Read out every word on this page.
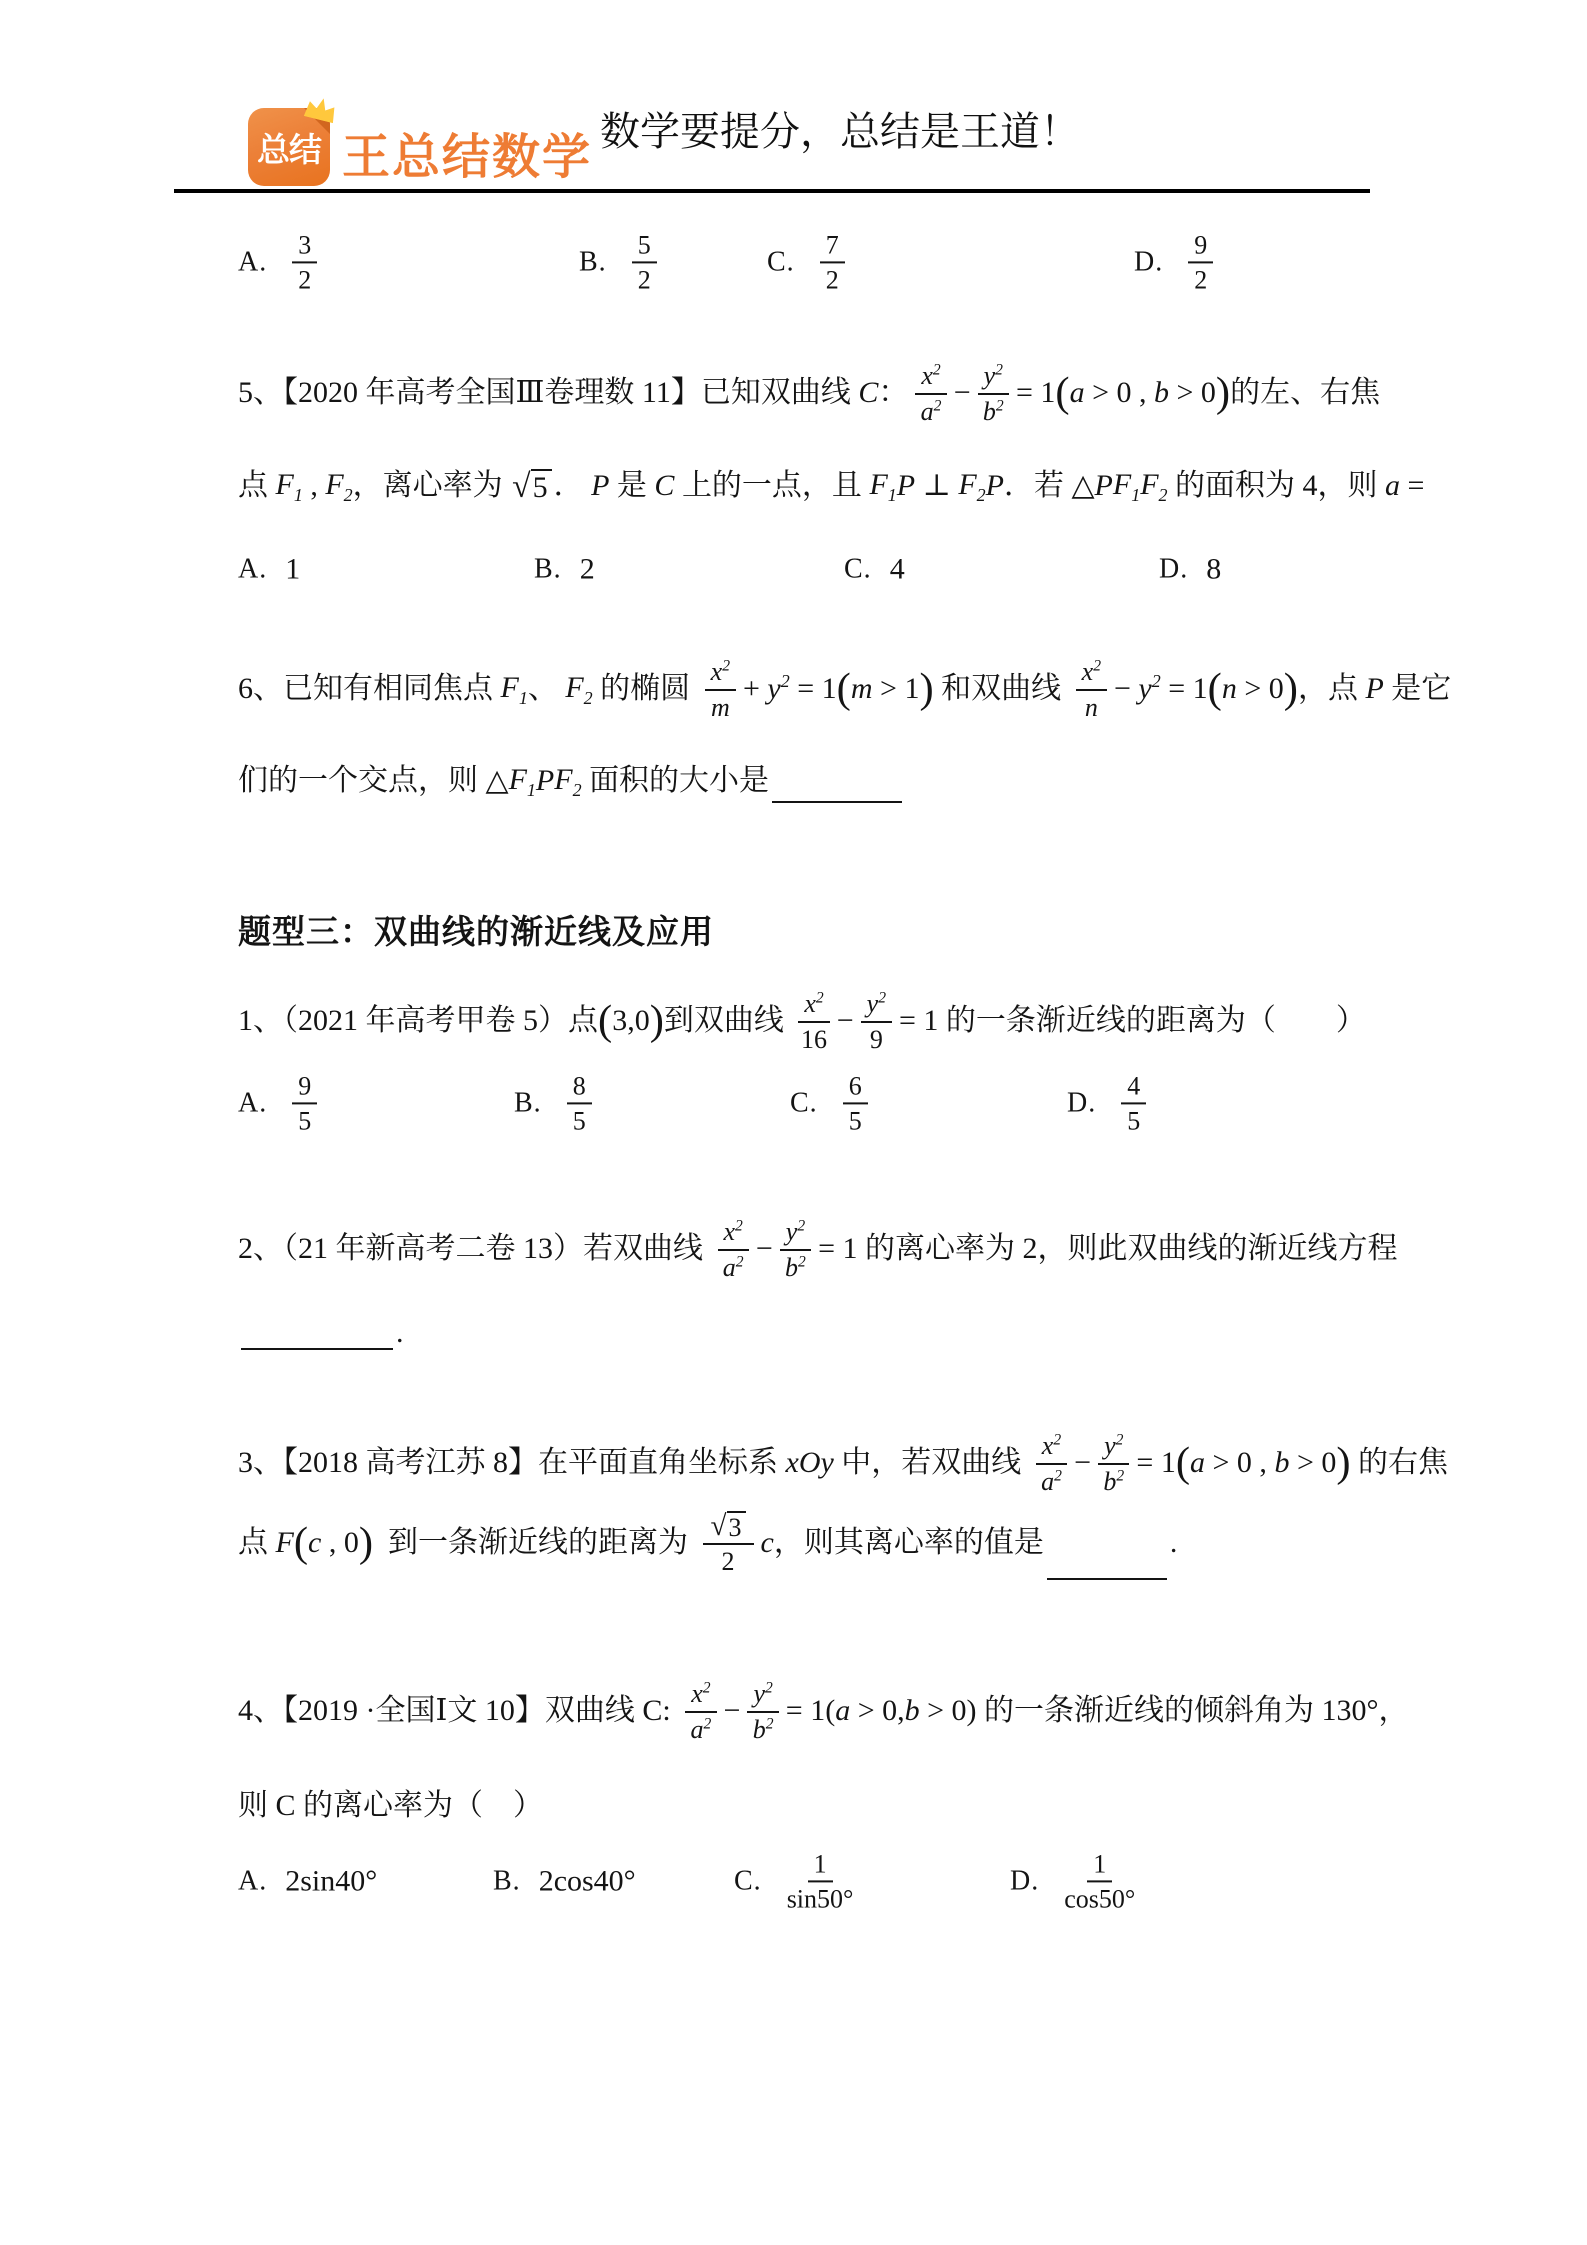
总结 王总结数学 数学要提分，总结是王道！
A. $\frac{3}{2}$	B. $\frac{5}{2}$	C. $\frac{7}{2}$	D. $\frac{9}{2}$
5、【2020 年高考全国Ⅲ卷理数 11】已知双曲线 C ： $\frac{x^2}{a^2} - \frac{y^2}{b^2} = 1$ ( a > 0 , b > 0 ) 的左、右焦
点 $F_1$ , $F_2$ ，离心率为 √ 5 ． P 是 C 上的一点，且 $F_1$ P ⊥ $F_2$ P ．若 △ P $F_1$ $F_2$ 的面积为 4，则 a =
A. 1	B. 2	C. 4	D. 8
6、已知有相同焦点 $F_1$ 、 $F_2$ 的椭圆 $\frac{x^2}{m} + y^2 = 1$ ( m > 1 ) 和双曲线 $\frac{x^2}{n} - y^2 = 1$ ( n > 0 ) ，点 P 是它
们的一个交点，则 △ $F_1$ P $F_2$ 面积的大小是
题型三：双曲线的渐近线及应用
1、（2021 年高考甲卷 5）点 ( 3,0 ) 到双曲线 $\frac{x^2}{16} - \frac{y^2}{9} = 1$ 的一条渐近线的距离为（　　）
A. $\frac{9}{5}$	B. $\frac{8}{5}$	C. $\frac{6}{5}$	D. $\frac{4}{5}$
2、（21 年新高考二卷 13）若双曲线 $\frac{x^2}{a^2} - \frac{y^2}{b^2} = 1$ 的离心率为 2，则此双曲线的渐近线方程
.
3、【2018 高考江苏 8】在平面直角坐标系 xOy 中，若双曲线 $\frac{x^2}{a^2} - \frac{y^2}{b^2} = 1$ ( a > 0 , b > 0 ) 的右焦
点 F ( c , 0 ) 到一条渐近线的距离为 $\frac{√ 3}{2}$ c ，则其离心率的值是	.
4、【2019 ·全国Ⅰ文 10】双曲线 C: $\frac{x^2}{a^2} - \frac{y^2}{b^2} = 1$( a > 0, b > 0) 的一条渐近线的倾斜角为 130°，
则 C 的离心率为（　）
A. 2sin40°	B. 2cos40°	C. $\frac{1}{\sin 50^\circ}$	D. $\frac{1}{\cos 50^\circ}$
